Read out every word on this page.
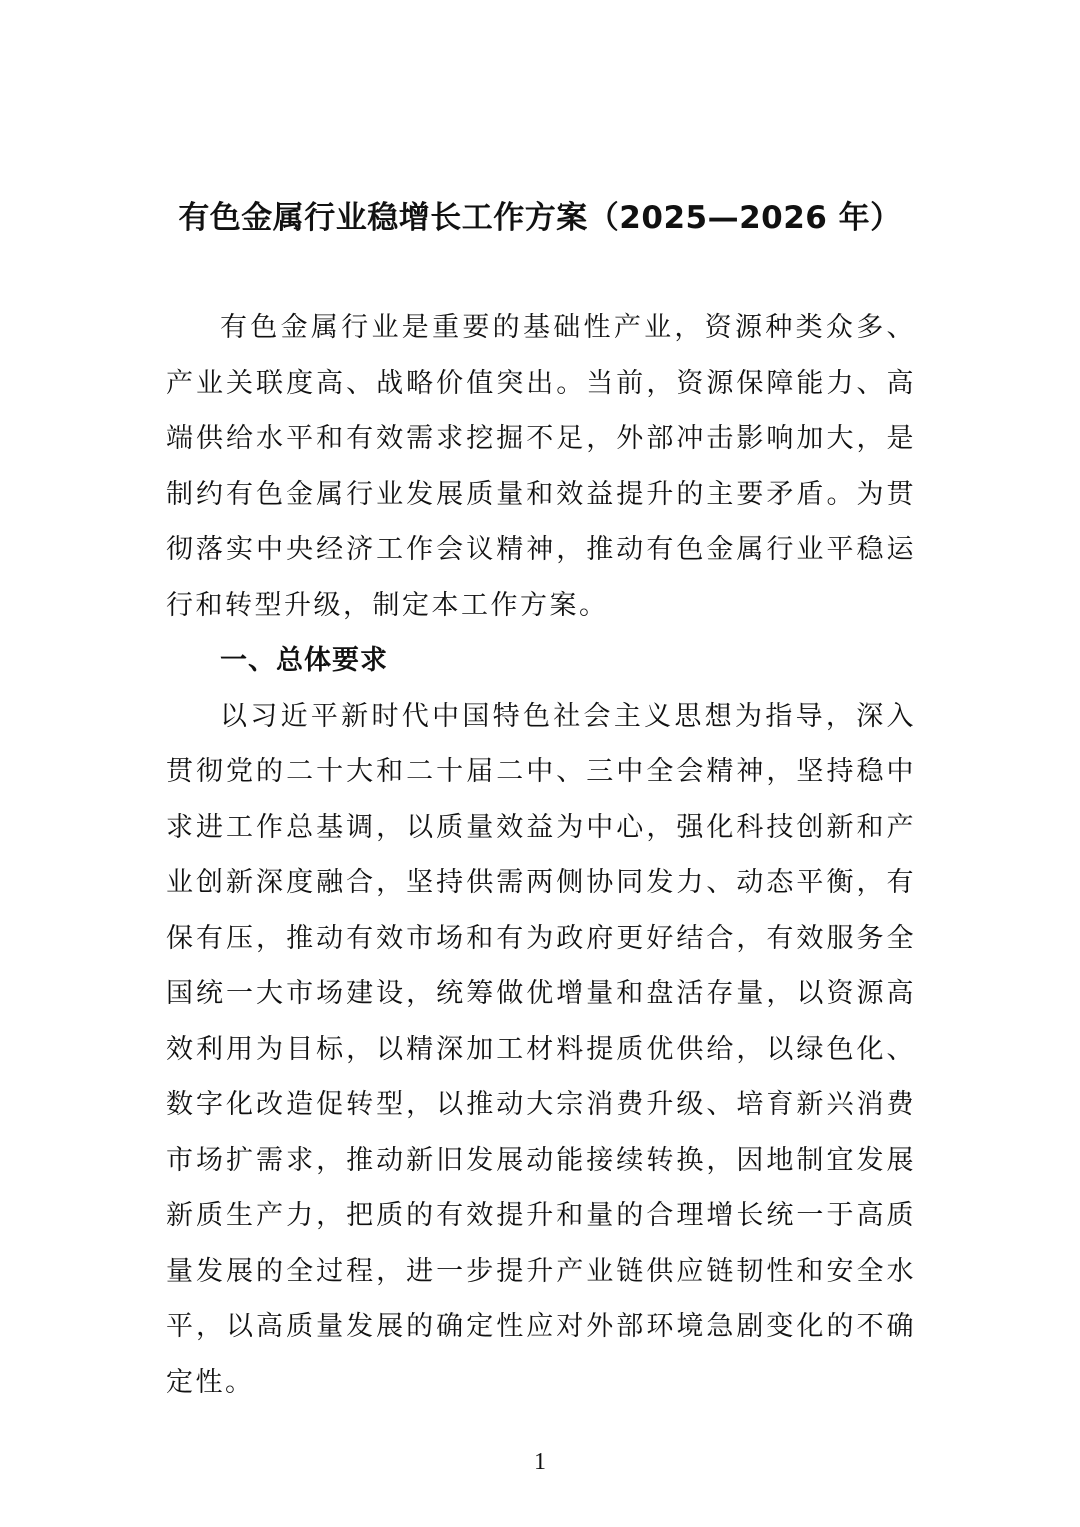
有色金属行业稳增长工作方案（2025—2026 年）

有色金属行业是重要的基础性产业，资源种类众多、产业关联度高、战略价值突出。当前，资源保障能力、高端供给水平和有效需求挖掘不足，外部冲击影响加大，是制约有色金属行业发展质量和效益提升的主要矛盾。为贯彻落实中央经济工作会议精神，推动有色金属行业平稳运行和转型升级，制定本工作方案。

一、总体要求

以习近平新时代中国特色社会主义思想为指导，深入贯彻党的二十大和二十届二中、三中全会精神，坚持稳中求进工作总基调，以质量效益为中心，强化科技创新和产业创新深度融合，坚持供需两侧协同发力、动态平衡，有保有压，推动有效市场和有为政府更好结合，有效服务全国统一大市场建设，统筹做优增量和盘活存量，以资源高效利用为目标，以精深加工材料提质优供给，以绿色化、数字化改造促转型，以推动大宗消费升级、培育新兴消费市场扩需求，推动新旧发展动能接续转换，因地制宜发展新质生产力，把质的有效提升和量的合理增长统一于高质量发展的全过程，进一步提升产业链供应链韧性和安全水平，以高质量发展的确定性应对外部环境急剧变化的不确定性。

1
